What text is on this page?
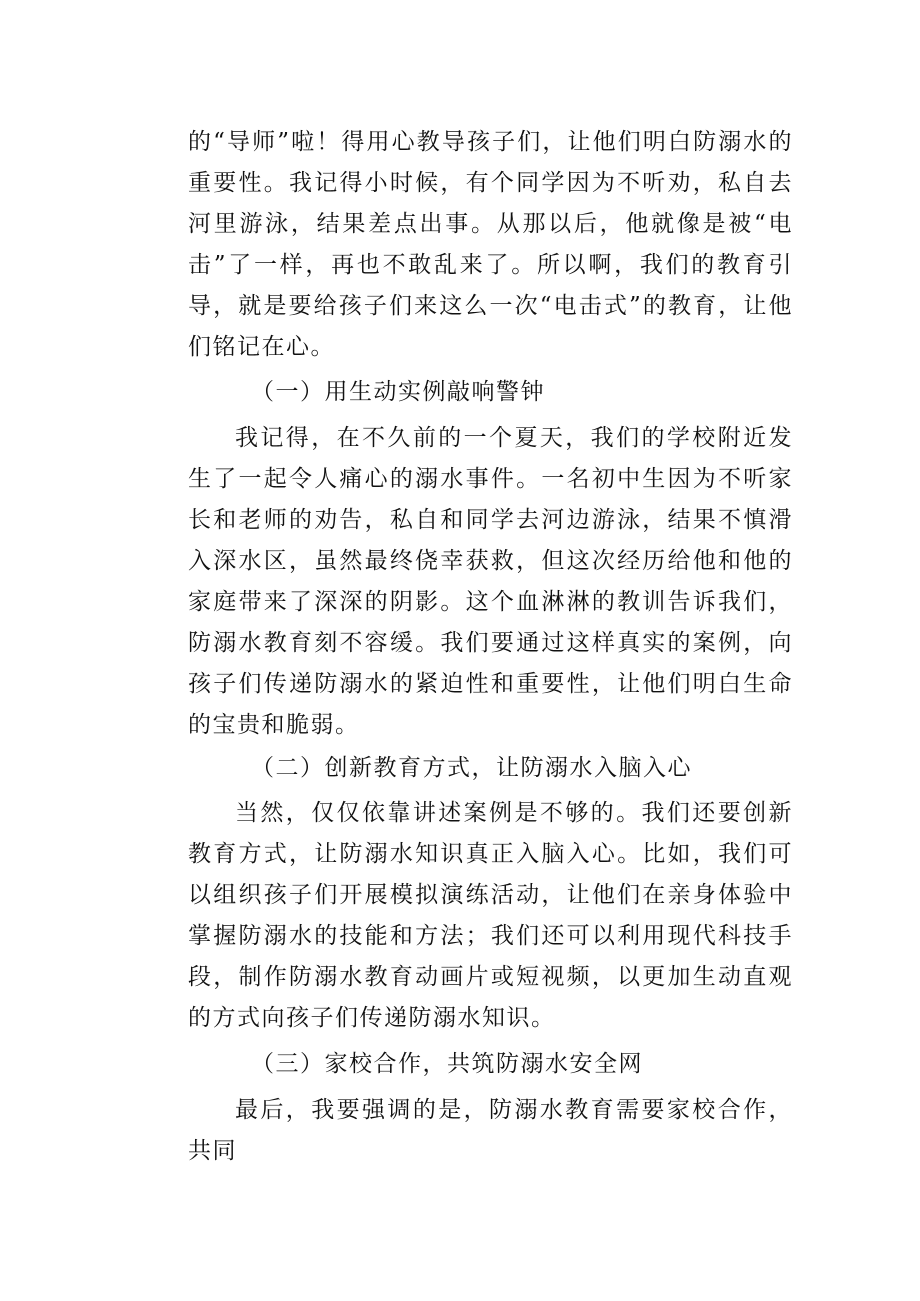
的“导师”啦！得用心教导孩子们，让他们明白防溺水的重要性。我记得小时候，有个同学因为不听劝，私自去河里游泳，结果差点出事。从那以后，他就像是被“电击”了一样，再也不敢乱来了。所以啊，我们的教育引导，就是要给孩子们来这么一次“电击式”的教育，让他们铭记在心。

（一）用生动实例敲响警钟

我记得，在不久前的一个夏天，我们的学校附近发生了一起令人痛心的溺水事件。一名初中生因为不听家长和老师的劝告，私自和同学去河边游泳，结果不慎滑入深水区，虽然最终侥幸获救，但这次经历给他和他的家庭带来了深深的阴影。这个血淋淋的教训告诉我们，防溺水教育刻不容缓。我们要通过这样真实的案例，向孩子们传递防溺水的紧迫性和重要性，让他们明白生命的宝贵和脆弱。

（二）创新教育方式，让防溺水入脑入心

当然，仅仅依靠讲述案例是不够的。我们还要创新教育方式，让防溺水知识真正入脑入心。比如，我们可以组织孩子们开展模拟演练活动，让他们在亲身体验中掌握防溺水的技能和方法；我们还可以利用现代科技手段，制作防溺水教育动画片或短视频，以更加生动直观的方式向孩子们传递防溺水知识。

（三）家校合作，共筑防溺水安全网

最后，我要强调的是，防溺水教育需要家校合作，共同
